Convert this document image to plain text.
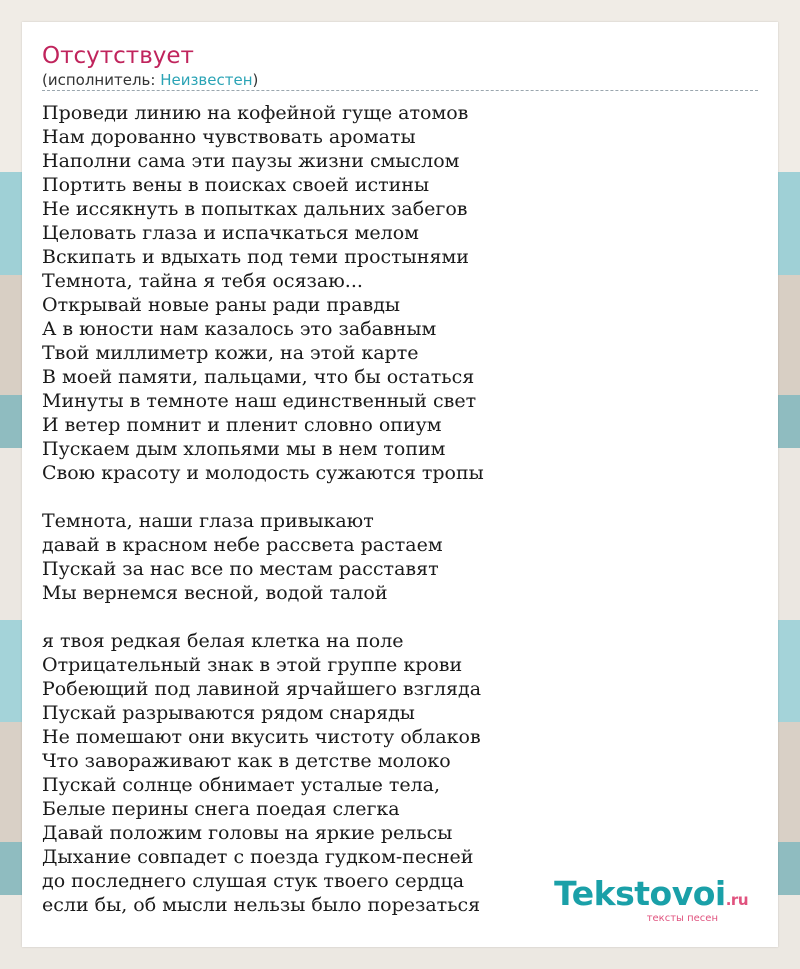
Отсутствует
(исполнитель: Неизвестен)
Проведи линию на кофейной гуще атомов
Нам дорованно чувствовать ароматы
Наполни сама эти паузы жизни смыслом
Портить вены в поисках своей истины
Не иссякнуть в попытках дальних забегов
Целовать глаза и испачкаться мелом
Вскипать и вдыхать под теми простынями
Темнота, тайна я тебя осязаю...
Открывай новые раны ради правды
А в юности нам казалось это забавным
Твой миллиметр кожи, на этой карте
В моей памяти, пальцами, что бы остаться
Минуты в темноте наш единственный свет
И ветер помнит и пленит словно опиум
Пускаем дым хлопьями мы в нем топим
Свою красоту и молодость сужаются тропы
Темнота, наши глаза привыкают
давай в красном небе рассвета растаем
Пускай за нас все по местам расставят
Мы вернемся весной, водой талой
я твоя редкая белая клетка на поле
Отрицательный знак в этой группе крови
Робеющий под лавиной ярчайшего взгляда
Пускай разрываются рядом снаряды
Не помешают они вкусить чистоту облаков
Что завораживают как в детстве молоко
Пускай солнце обнимает усталые тела,
Белые перины снега поедая слегка
Давай положим головы на яркие рельсы
Дыхание совпадет с поезда гудком-песней
до последнего слушая стук твоего сердца
если бы, об мысли нельзы было порезаться	Tekstovoi.ru
тексты песен
